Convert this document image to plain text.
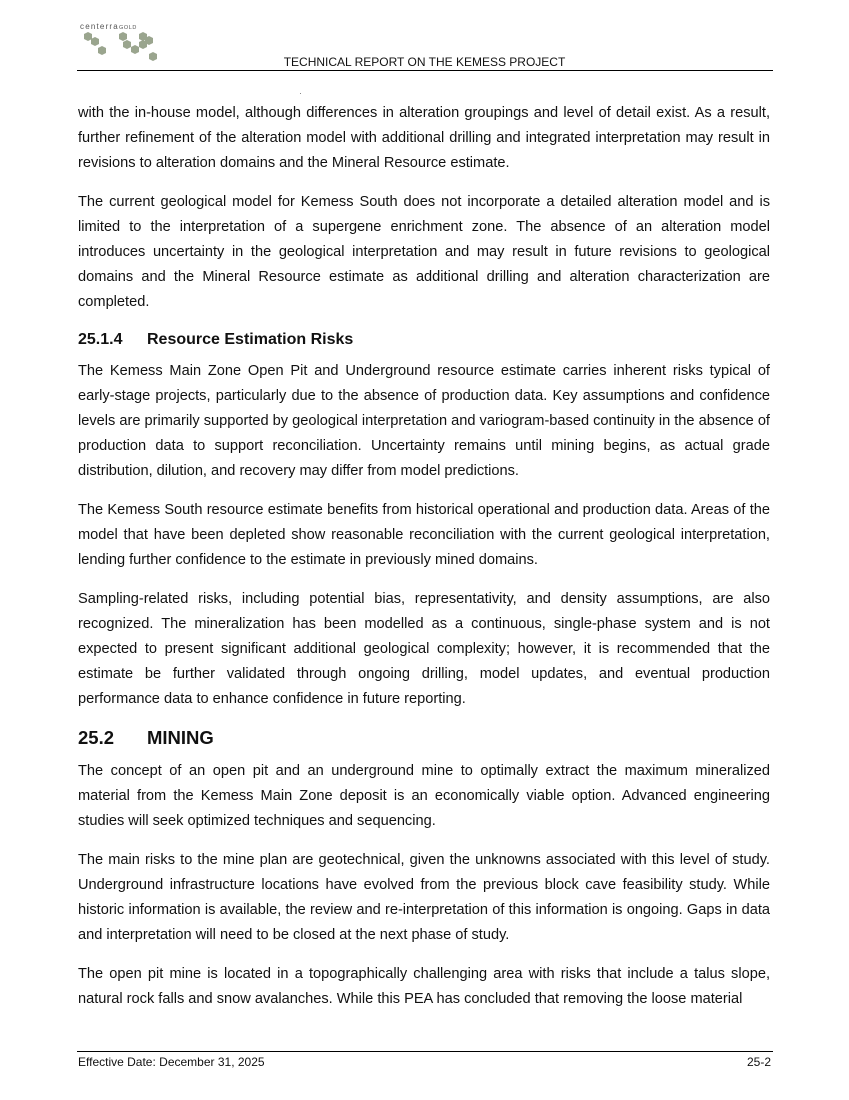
centerraGOLD
TECHNICAL REPORT ON THE KEMESS PROJECT

with the in-house model, although differences in alteration groupings and level of detail exist. As a result, further refinement of the alteration model with additional drilling and integrated interpretation may result in revisions to alteration domains and the Mineral Resource estimate.

The current geological model for Kemess South does not incorporate a detailed alteration model and is limited to the interpretation of a supergene enrichment zone. The absence of an alteration model introduces uncertainty in the geological interpretation and may result in future revisions to geological domains and the Mineral Resource estimate as additional drilling and alteration characterization are completed.

25.1.4 Resource Estimation Risks

The Kemess Main Zone Open Pit and Underground resource estimate carries inherent risks typical of early-stage projects, particularly due to the absence of production data. Key assumptions and confidence levels are primarily supported by geological interpretation and variogram-based continuity in the absence of production data to support reconciliation. Uncertainty remains until mining begins, as actual grade distribution, dilution, and recovery may differ from model predictions.

The Kemess South resource estimate benefits from historical operational and production data. Areas of the model that have been depleted show reasonable reconciliation with the current geological interpretation, lending further confidence to the estimate in previously mined domains.

Sampling-related risks, including potential bias, representativity, and density assumptions, are also recognized. The mineralization has been modelled as a continuous, single-phase system and is not expected to present significant additional geological complexity; however, it is recommended that the estimate be further validated through ongoing drilling, model updates, and eventual production performance data to enhance confidence in future reporting.

25.2 MINING

The concept of an open pit and an underground mine to optimally extract the maximum mineralized material from the Kemess Main Zone deposit is an economically viable option. Advanced engineering studies will seek optimized techniques and sequencing.

The main risks to the mine plan are geotechnical, given the unknowns associated with this level of study. Underground infrastructure locations have evolved from the previous block cave feasibility study. While historic information is available, the review and re-interpretation of this information is ongoing. Gaps in data and interpretation will need to be closed at the next phase of study.

The open pit mine is located in a topographically challenging area with risks that include a talus slope, natural rock falls and snow avalanches. While this PEA has concluded that removing the loose material

Effective Date: December 31, 2025	25-2
